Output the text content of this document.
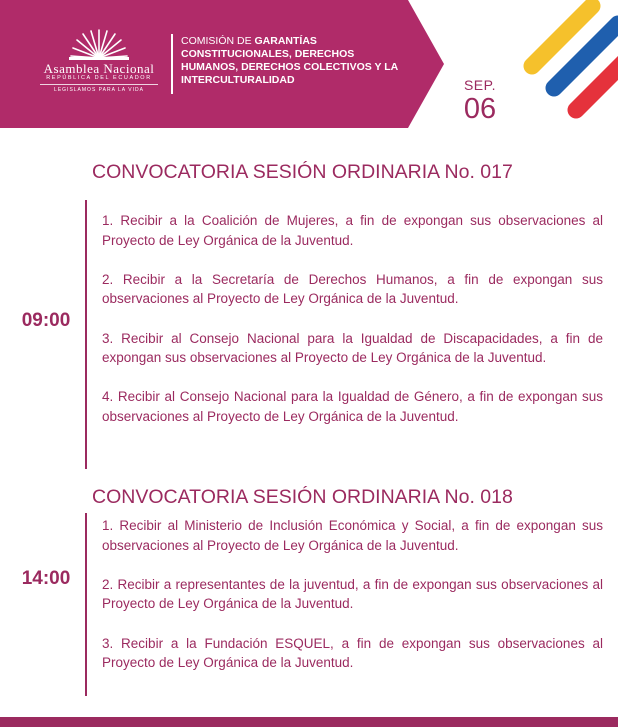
Asamblea Nacional
REPÚBLICA DEL ECUADOR
LEGISLAMOS PARA LA VIDA
COMISIÓN DE GARANTÍAS CONSTITUCIONALES, DERECHOS HUMANOS, DERECHOS COLECTIVOS Y LA INTERCULTURALIDAD	SEP.
06
CONVOCATORIA SESIÓN ORDINARIA No. 017
09:00

1. Recibir a la Coalición de Mujeres, a fin de expongan sus observaciones al Proyecto de Ley Orgánica de la Juventud.

2. Recibir a la Secretaría de Derechos Humanos, a fin de expongan sus observaciones al Proyecto de Ley Orgánica de la Juventud.

3. Recibir al Consejo Nacional para la Igualdad de Discapacidades, a fin de expongan sus observaciones al Proyecto de Ley Orgánica de la Juventud.

4. Recibir al Consejo Nacional para la Igualdad de Género, a fin de expongan sus observaciones al Proyecto de Ley Orgánica de la Juventud.

CONVOCATORIA SESIÓN ORDINARIA No. 018
14:00

1. Recibir al Ministerio de Inclusión Económica y Social, a fin de expongan sus observaciones al Proyecto de Ley Orgánica de la Juventud.

2. Recibir a representantes de la juventud, a fin de expongan sus observaciones al Proyecto de Ley Orgánica de la Juventud.

3. Recibir a la Fundación ESQUEL, a fin de expongan sus observaciones al Proyecto de Ley Orgánica de la Juventud.
